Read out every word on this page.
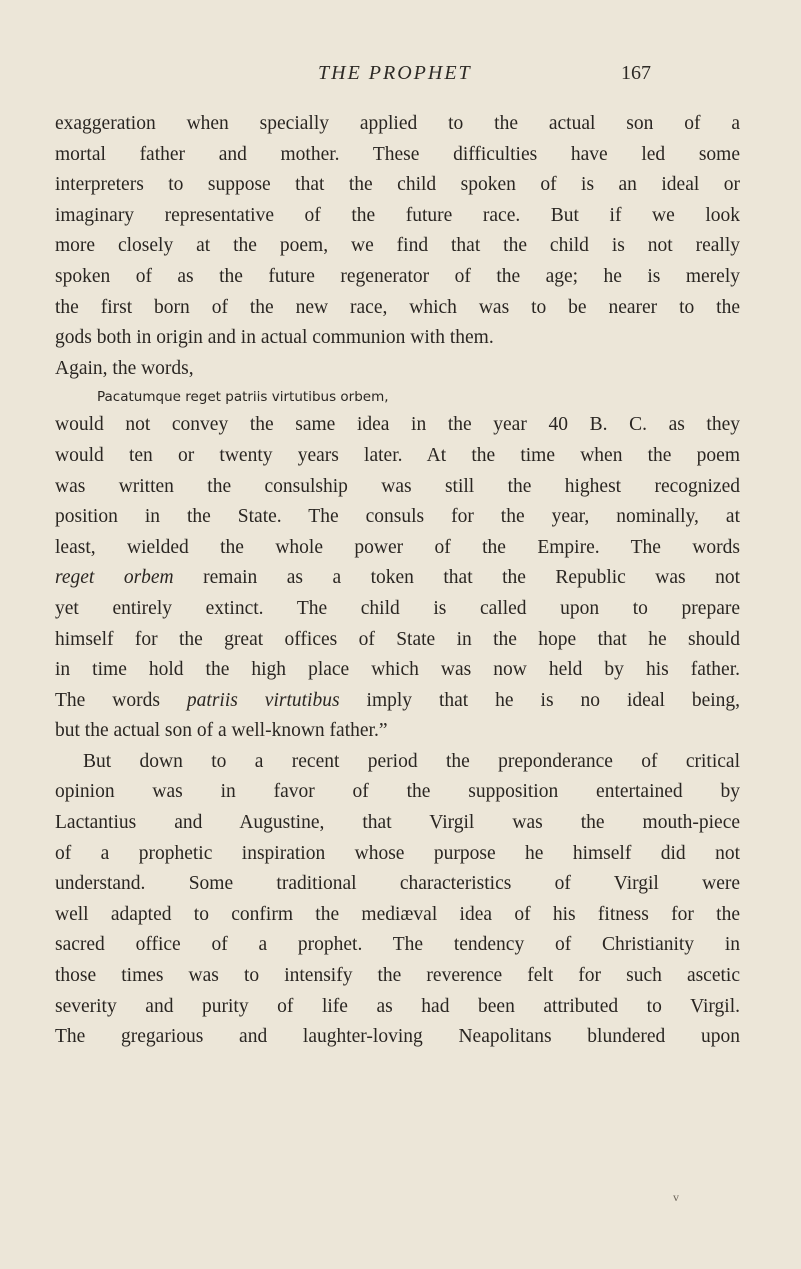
THE PROPHET	167
exaggeration when specially applied to the actual son of a
mortal father and mother. These difficulties have led some
interpreters to suppose that the child spoken of is an ideal or
imaginary representative of the future race. But if we look
more closely at the poem, we find that the child is not really
spoken of as the future regenerator of the age; he is merely
the first born of the new race, which was to be nearer to the
gods both in origin and in actual communion with them.
Again, the words,
Pacatumque reget patriis virtutibus orbem,
would not convey the same idea in the year 40 B. C. as they
would ten or twenty years later. At the time when the poem
was written the consulship was still the highest recognized
position in the State. The consuls for the year, nominally, at
least, wielded the whole power of the Empire. The words
reget orbem remain as a token that the Republic was not
yet entirely extinct. The child is called upon to prepare
himself for the great offices of State in the hope that he should
in time hold the high place which was now held by his father.
The words patriis virtutibus imply that he is no ideal being,
but the actual son of a well-known father.”
But down to a recent period the preponderance of critical
opinion was in favor of the supposition entertained by
Lactantius and Augustine, that Virgil was the mouth-piece
of a prophetic inspiration whose purpose he himself did not
understand. Some traditional characteristics of Virgil were
well adapted to confirm the mediæval idea of his fitness for the
sacred office of a prophet. The tendency of Christianity in
those times was to intensify the reverence felt for such ascetic
severity and purity of life as had been attributed to Virgil.
The gregarious and laughter-loving Neapolitans blundered upon
v
